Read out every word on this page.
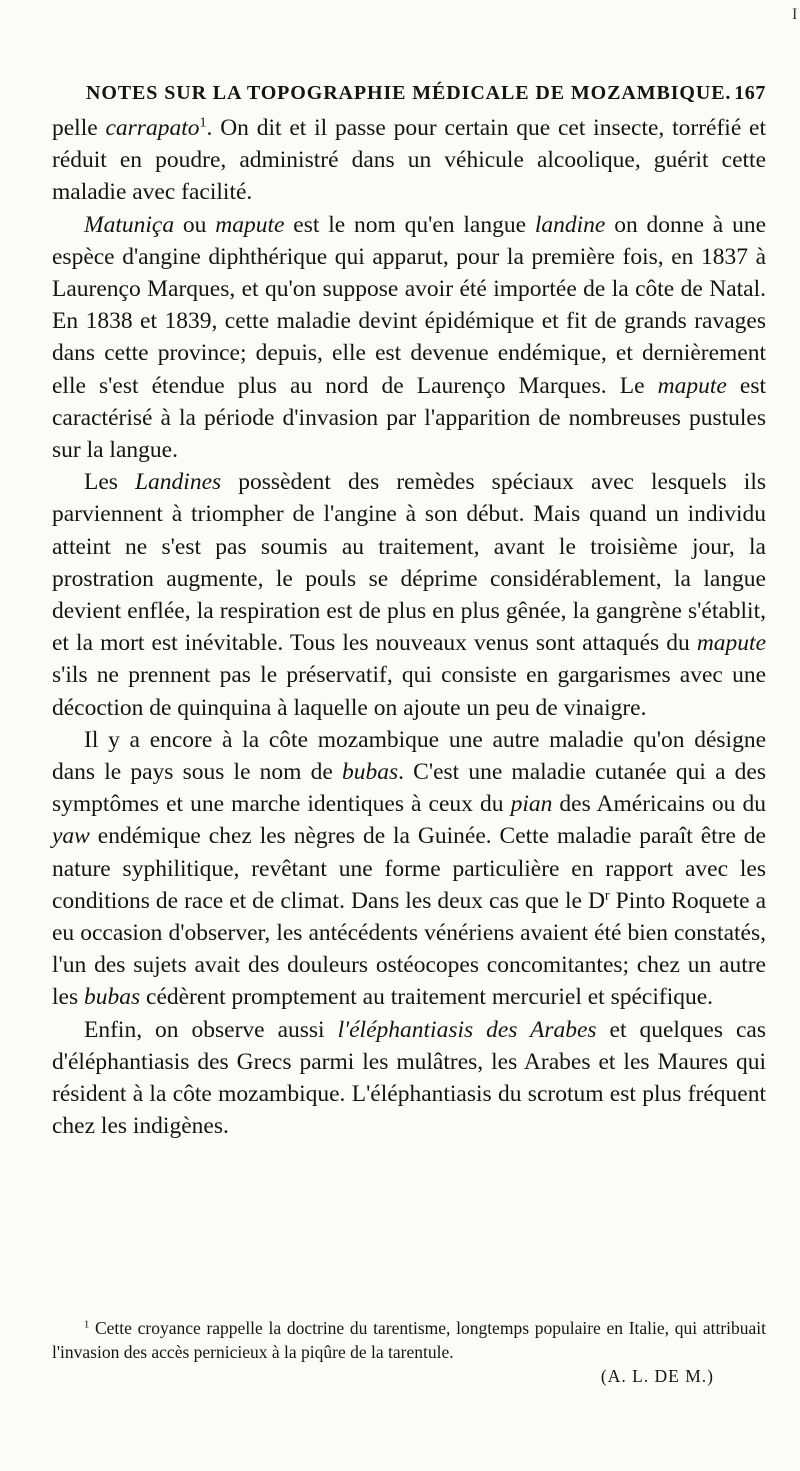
I
NOTES SUR LA TOPOGRAPHIE MÉDICALE DE MOZAMBIQUE. 167

pelle carrapato$^1$. On dit et il passe pour certain que cet insecte, torréfié et réduit en poudre, administré dans un véhicule alcoolique, guérit cette maladie avec facilité.

Matuniça ou mapute est le nom qu'en langue landine on donne à une espèce d'angine diphthérique qui apparut, pour la première fois, en 1837 à Laurenço Marques, et qu'on suppose avoir été importée de la côte de Natal. En 1838 et 1839, cette maladie devint épidémique et fit de grands ravages dans cette province; depuis, elle est devenue endémique, et dernièrement elle s'est étendue plus au nord de Laurenço Marques. Le mapute est caractérisé à la période d'invasion par l'apparition de nombreuses pustules sur la langue.

Les Landines possèdent des remèdes spéciaux avec lesquels ils parviennent à triompher de l'angine à son début. Mais quand un individu atteint ne s'est pas soumis au traitement, avant le troisième jour, la prostration augmente, le pouls se déprime considérablement, la langue devient enflée, la respiration est de plus en plus gênée, la gangrène s'établit, et la mort est inévitable. Tous les nouveaux venus sont attaqués du mapute s'ils ne prennent pas le préservatif, qui consiste en gargarismes avec une décoction de quinquina à laquelle on ajoute un peu de vinaigre.

Il y a encore à la côte mozambique une autre maladie qu'on désigne dans le pays sous le nom de bubas. C'est une maladie cutanée qui a des symptômes et une marche identiques à ceux du pian des Américains ou du yaw endémique chez les nègres de la Guinée. Cette maladie paraît être de nature syphilitique, revêtant une forme particulière en rapport avec les conditions de race et de climat. Dans les deux cas que le $D^r$ Pinto Roquete a eu occasion d'observer, les antécédents vénériens avaient été bien constatés, l'un des sujets avait des douleurs ostéocopes concomitantes; chez un autre les bubas cédèrent promptement au traitement mercuriel et spécifique.

Enfin, on observe aussi l'éléphantiasis des Arabes et quelques cas d'éléphantiasis des Grecs parmi les mulâtres, les Arabes et les Maures qui résident à la côte mozambique. L'éléphantiasis du scrotum est plus fréquent chez les indigènes.

$^1$ Cette croyance rappelle la doctrine du tarentisme, longtemps populaire en Italie, qui attribuait l'invasion des accès pernicieux à la piqûre de la tarentule.

(A. L. DE M.)
